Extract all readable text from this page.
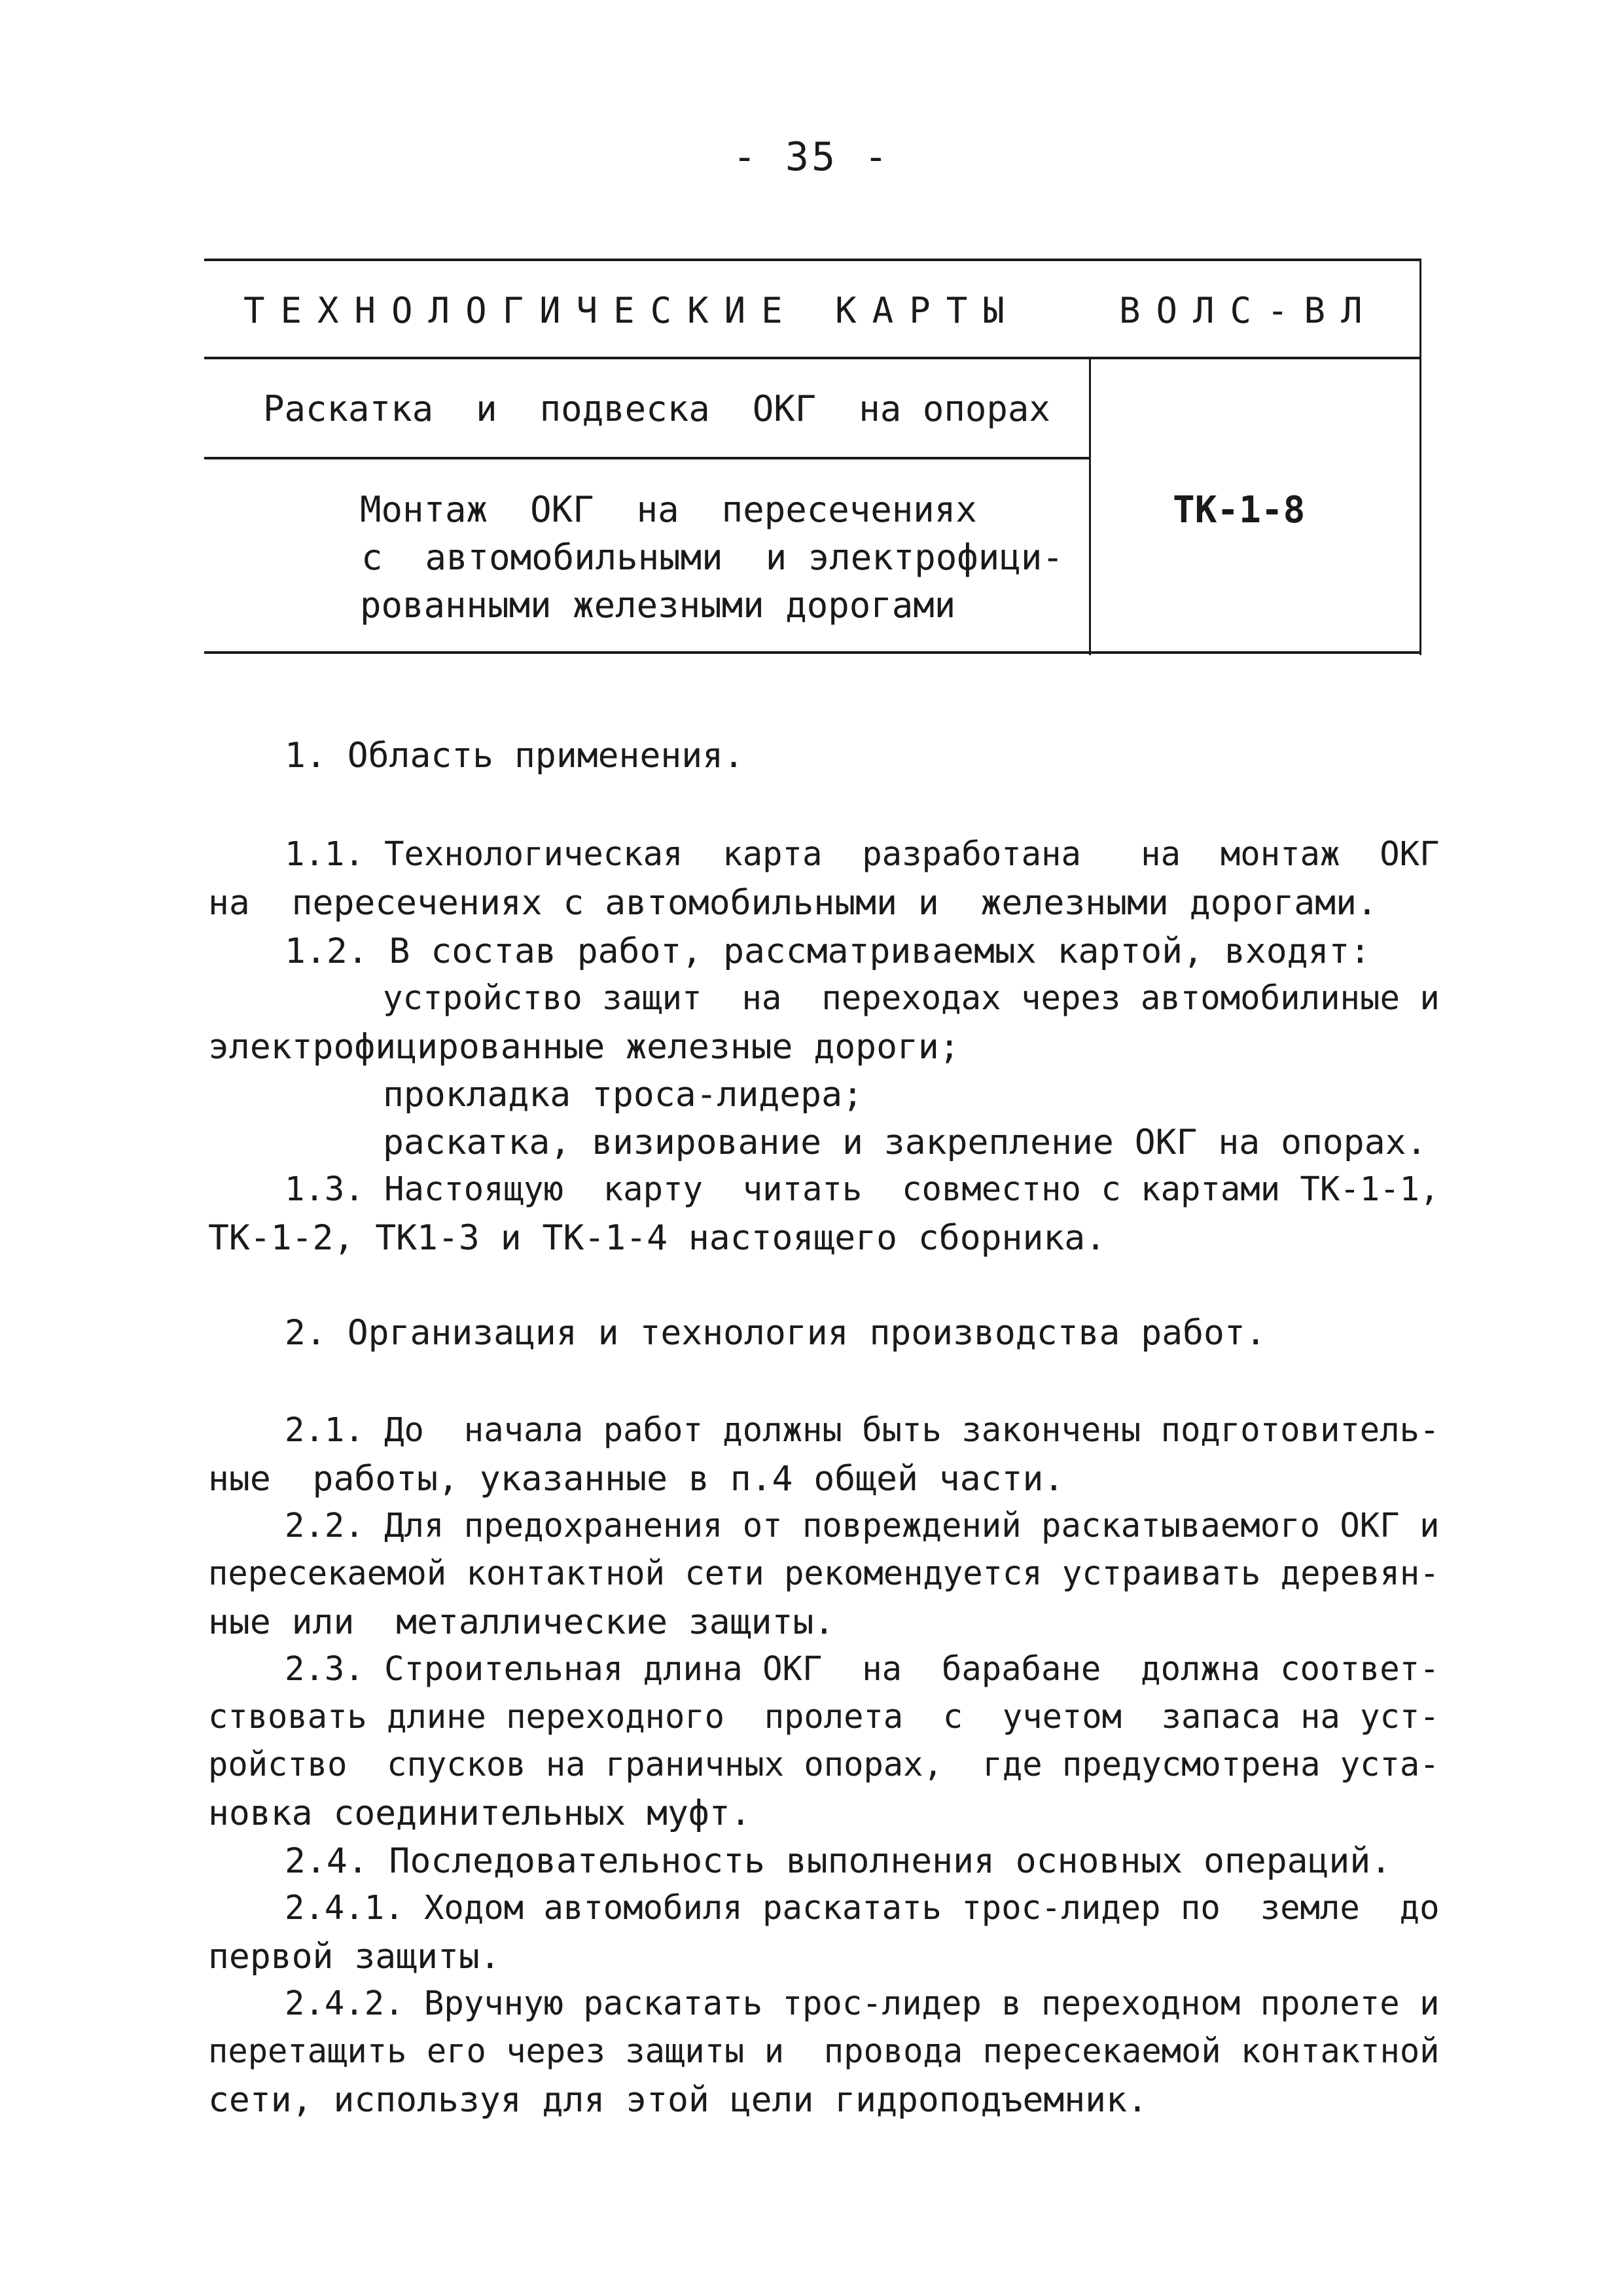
- 35 -
ТЕХНОЛОГИЧЕСКИЕ КАРТЫ	ВОЛС-ВЛ
Раскатка  и  подвеска  ОКГ  на опорах
Монтаж  ОКГ  на  пересечениях
с  автомобильными  и электрофици-
рованными железными дорогами
ТК-1-8
1. Область применения.
1.1. Технологическая  карта  разработана   на  монтаж  ОКГ
на  пересечениях с автомобильными и  железными дорогами.
1.2. В состав работ, рассматриваемых картой, входят:
устройство защит  на  переходах через автомобилиные и
электрофицированные железные дороги;
прокладка троса-лидера;
раскатка, визирование и закрепление ОКГ на опорах.
1.3. Настоящую  карту  читать  совместно с картами ТК-1-1,
ТК-1-2, ТК1-3 и ТК-1-4 настоящего сборника.
2. Организация и технология производства работ.
2.1. До  начала работ должны быть закончены подготовитель-
ные  работы, указанные в п.4 общей части.
2.2. Для предохранения от повреждений раскатываемого ОКГ и
пересекаемой контактной сети рекомендуется устраивать деревян-
ные или  металлические защиты.
2.3. Строительная длина ОКГ  на  барабане  должна соответ-
ствовать длине переходного  пролета  с  учетом  запаса на уст-
ройство  спусков на граничных опорах,  где предусмотрена уста-
новка соединительных муфт.
2.4. Последовательность выполнения основных операций.
2.4.1. Ходом автомобиля раскатать трос-лидер по  земле  до
первой защиты.
2.4.2. Вручную раскатать трос-лидер в переходном пролете и
перетащить его через защиты и  провода пересекаемой контактной
сети, используя для этой цели гидроподъемник.
